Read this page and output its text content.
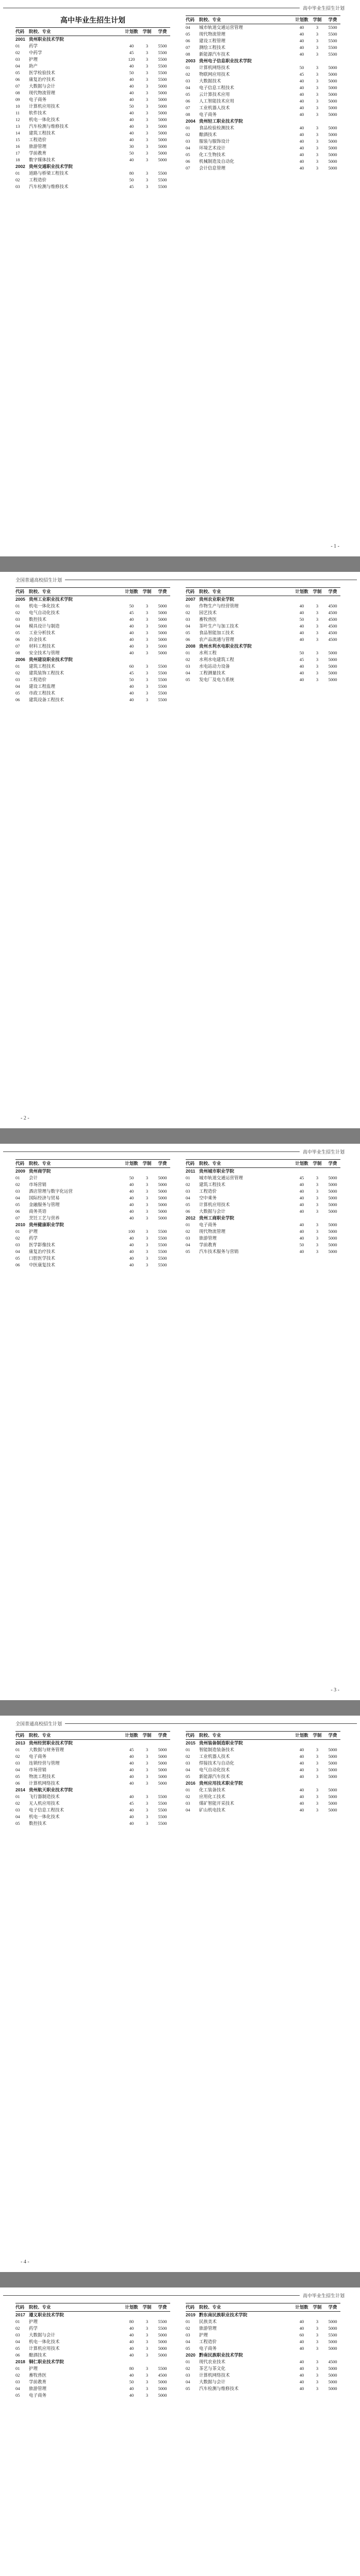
高中毕业生招生计划
高中毕业生招生计划
代码	院校、专业	计划数	学制	学费
2001 贵州职业技术学院
01	药学	40	3	5500
02	中药学	45	3	5500
03	护理	120	3	5500
04	助产	40	3	5500
05	医学检验技术	50	3	5500
06	康复治疗技术	40	3	5500
07	大数据与会计	40	3	5000
08	现代物流管理	40	3	5000
09	电子商务	40	3	5000
10	计算机应用技术	50	3	5000
11	软件技术	40	3	5000
12	机电一体化技术	40	3	5000
13	汽车检测与维修技术	40	3	5000
14	建筑工程技术	40	3	5000
15	工程造价	40	3	5000
16	旅游管理	30	3	5000
17	学前教育	50	3	5000
18	数字媒体技术	40	3	5000
2002 贵州交通职业技术学院
01	道路与桥梁工程技术	80	3	5500
02	工程造价	50	3	5500
03	汽车检测与维修技术	45	3	5500
代码	院校、专业	计划数	学制	学费
04	城市轨道交通运营管理	40	3	5500
05	现代物流管理	40	3	5500
06	建设工程管理	40	3	5500
07	测绘工程技术	40	3	5500
08	新能源汽车技术	40	3	5500
2003 贵州电子信息职业技术学院
01	计算机网络技术	50	3	5000
02	物联网应用技术	45	3	5000
03	大数据技术	40	3	5000
04	电子信息工程技术	40	3	5000
05	云计算技术应用	40	3	5000
06	人工智能技术应用	40	3	5000
07	工业机器人技术	40	3	5000
08	电子商务	40	3	5000
2004 贵州轻工职业技术学院
01	食品检验检测技术	40	3	5000
02	酿酒技术	40	3	5000
03	服装与服饰设计	40	3	5000
04	环境艺术设计	40	3	5000
05	化工生物技术	40	3	5000
06	机械制造及自动化	40	3	5000
07	会计信息管理	40	3	5000
- 1 -
全国普通高校招生计划
代码	院校、专业	计划数	学制	学费
2005 贵州工业职业技术学院
01	机电一体化技术	50	3	5000
02	电气自动化技术	45	3	5000
03	数控技术	40	3	5000
04	模具设计与制造	40	3	5000
05	工业分析技术	40	3	5000
06	冶金技术	40	3	5000
07	材料工程技术	40	3	5000
08	安全技术与管理	40	3	5000
2006 贵州建设职业技术学院
01	建筑工程技术	60	3	5500
02	建筑装饰工程技术	45	3	5500
03	工程造价	50	3	5500
04	建设工程监理	40	3	5500
05	市政工程技术	40	3	5500
06	建筑设备工程技术	40	3	5500
代码	院校、专业	计划数	学制	学费
2007 贵州农业职业学院
01	作物生产与经营管理	40	3	4500
02	园艺技术	40	3	4500
03	畜牧兽医	50	3	4500
04	茶叶生产与加工技术	40	3	4500
05	食品智能加工技术	40	3	4500
06	农产品流通与管理	40	3	4500
2008 贵州水利水电职业技术学院
01	水利工程	50	3	5000
02	水利水电建筑工程	45	3	5000
03	水电站动力设备	40	3	5000
04	工程测量技术	40	3	5000
05	发电厂及电力系统	40	3	5000
- 2 -
高中毕业生招生计划
代码	院校、专业	计划数	学制	学费
2009 贵州商学院
01	会计	50	3	5000
02	市场营销	40	3	5000
03	酒店管理与数字化运营	40	3	5000
04	国际经济与贸易	40	3	5000
05	金融服务与管理	40	3	5000
06	商务英语	40	3	5000
07	烹饪工艺与营养	40	3	5000
2010 贵州健康职业学院
01	护理	100	3	5500
02	药学	40	3	5500
03	医学影像技术	40	3	5500
04	康复治疗技术	40	3	5500
05	口腔医学技术	40	3	5500
06	中医康复技术	40	3	5500
代码	院校、专业	计划数	学制	学费
2011 贵州城市职业学院
01	城市轨道交通运营管理	45	3	5000
02	建筑工程技术	40	3	5000
03	工程造价	40	3	5000
04	空中乘务	40	3	5000
05	计算机应用技术	40	3	5000
06	大数据与会计	40	3	5000
2012 贵州工商职业学院
01	电子商务	40	3	5000
02	现代物流管理	40	3	5000
03	旅游管理	40	3	5000
04	学前教育	50	3	5000
05	汽车技术服务与营销	40	3	5000
- 3 -
全国普通高校招生计划
代码	院校、专业	计划数	学制	学费
2013 贵州经贸职业技术学院
01	大数据与财务管理	45	3	5000
02	电子商务	40	3	5000
03	连锁经营与管理	40	3	5000
04	市场营销	40	3	5000
05	物流工程技术	40	3	5000
06	计算机网络技术	40	3	5000
2014 贵州航天职业技术学院
01	飞行器制造技术	40	3	5500
02	无人机应用技术	45	3	5500
03	电子信息工程技术	40	3	5500
04	机电一体化技术	40	3	5500
05	数控技术	40	3	5500
代码	院校、专业	计划数	学制	学费
2015 贵州装备制造职业学院
01	智能制造装备技术	40	3	5000
02	工业机器人技术	40	3	5000
03	焊接技术与自动化	40	3	5000
04	电气自动化技术	40	3	5000
05	新能源汽车技术	40	3	5000
2016 贵州应用技术职业学院
01	化工装备技术	40	3	5000
02	应用化工技术	40	3	5000
03	煤矿智能开采技术	40	3	5000
04	矿山机电技术	40	3	5000
- 4 -
高中毕业生招生计划
代码	院校、专业	计划数	学制	学费
2017 遵义职业技术学院
01	护理	80	3	5500
02	药学	40	3	5500
03	大数据与会计	40	3	5000
04	机电一体化技术	40	3	5000
05	计算机应用技术	40	3	5000
06	酿酒技术	40	3	5000
2018 铜仁职业技术学院
01	护理	80	3	5500
02	畜牧兽医	40	3	4500
03	学前教育	50	3	5000
04	旅游管理	40	3	5000
05	电子商务	40	3	5000
代码	院校、专业	计划数	学制	学费
2019 黔东南民族职业技术学院
01	民族美术	40	3	5000
02	旅游管理	40	3	5000
03	护理	60	3	5500
04	工程造价	40	3	5000
05	电子商务	40	3	5000
2020 黔南民族职业技术学院
01	现代农业技术	40	3	4500
02	茶艺与茶文化	40	3	5000
03	计算机网络技术	40	3	5000
04	大数据与会计	40	3	5000
05	汽车检测与维修技术	40	3	5000
